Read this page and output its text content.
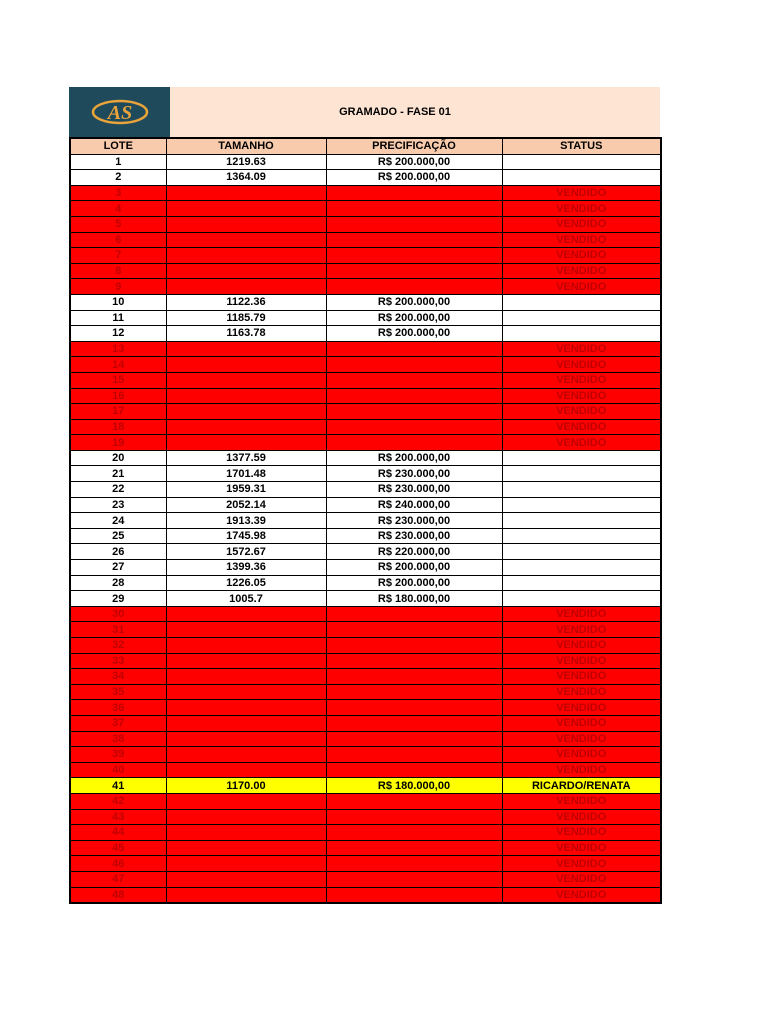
AS	GRAMADO - FASE 01
LOTE	TAMANHO	PRECIFICAÇÃO	STATUS
1	1219.63	R$ 200.000,00	
2	1364.09	R$ 200.000,00	
3			VENDIDO
4			VENDIDO
5			VENDIDO
6			VENDIDO
7			VENDIDO
8			VENDIDO
9			VENDIDO
10	1122.36	R$ 200.000,00	
11	1185.79	R$ 200.000,00	
12	1163.78	R$ 200.000,00	
13			VENDIDO
14			VENDIDO
15			VENDIDO
16			VENDIDO
17			VENDIDO
18			VENDIDO
19			VENDIDO
20	1377.59	R$ 200.000,00	
21	1701.48	R$ 230.000,00	
22	1959.31	R$ 230.000,00	
23	2052.14	R$ 240.000,00	
24	1913.39	R$ 230.000,00	
25	1745.98	R$ 230.000,00	
26	1572.67	R$ 220.000,00	
27	1399.36	R$ 200.000,00	
28	1226.05	R$ 200.000,00	
29	1005.7	R$ 180.000,00	
30			VENDIDO
31			VENDIDO
32			VENDIDO
33			VENDIDO
34			VENDIDO
35			VENDIDO
36			VENDIDO
37			VENDIDO
38			VENDIDO
39			VENDIDO
40			VENDIDO
41	1170.00	R$ 180.000,00	RICARDO/RENATA
42			VENDIDO
43			VENDIDO
44			VENDIDO
45			VENDIDO
46			VENDIDO
47			VENDIDO
48			VENDIDO
